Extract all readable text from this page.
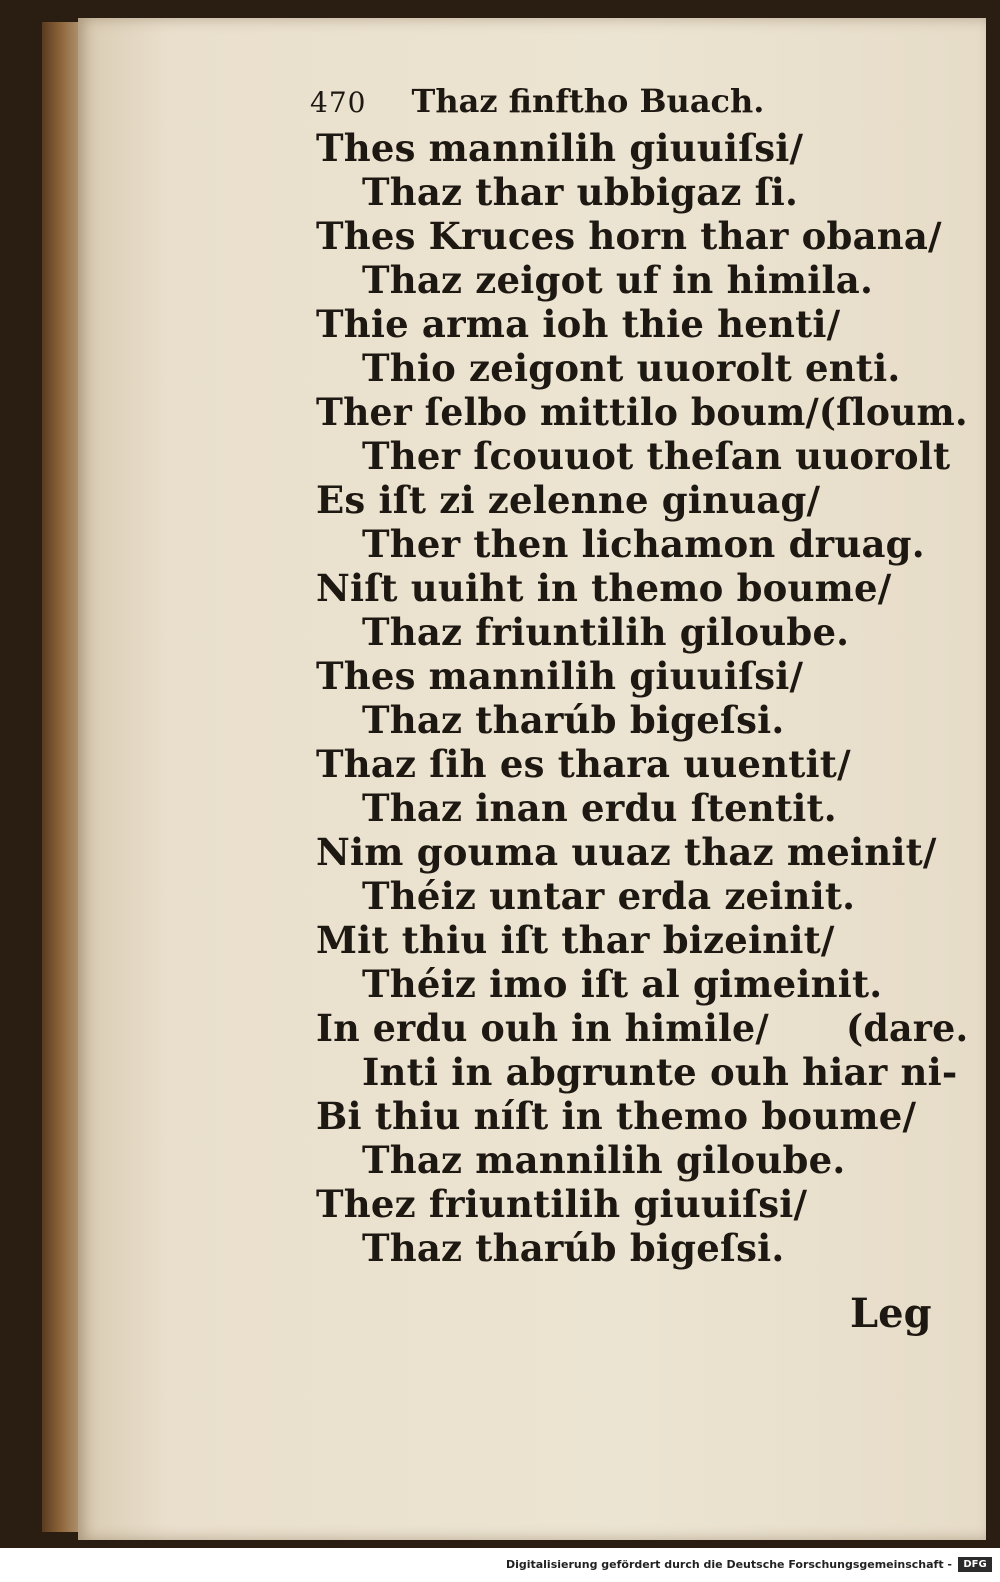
470 Thaz finftho Buach.
Thes mannilih giuuiſsi/
Thaz thar ubbigaz ſi.
Thes Kruces horn thar obana/
Thaz zeigot uf in himila.
Thie arma ioh thie henti/
Thio zeigont uuorolt enti.
Ther ſelbo mittilo boum/(ſloum.
Ther ſcouuot theſan uuorolt
Es iſt zi zelenne ginuag/
Ther then lichamon druag.
Niſt uuiht in themo boume/
Thaz friuntilih giloube.
Thes mannilih giuuiſsi/
Thaz tharúb bigeſsi.
Thaz ſih es thara uuentit/
Thaz inan erdu ſtentit.
Nim gouma uuaz thaz meinit/
Théiz untar erda zeinit.
Mit thiu iſt thar bizeinit/
Théiz imo iſt al gimeinit.
In erdu ouh in himile/      (dare.
Inti in abgrunte ouh hiar ni-
Bi thiu níſt in themo boume/
Thaz mannilih giloube.
Thez friuntilih giuuiſsi/
Thaz tharúb bigeſsi.
Leg
Digitalisierung gefördert durch die Deutsche Forschungsgemeinschaft -	DFG
